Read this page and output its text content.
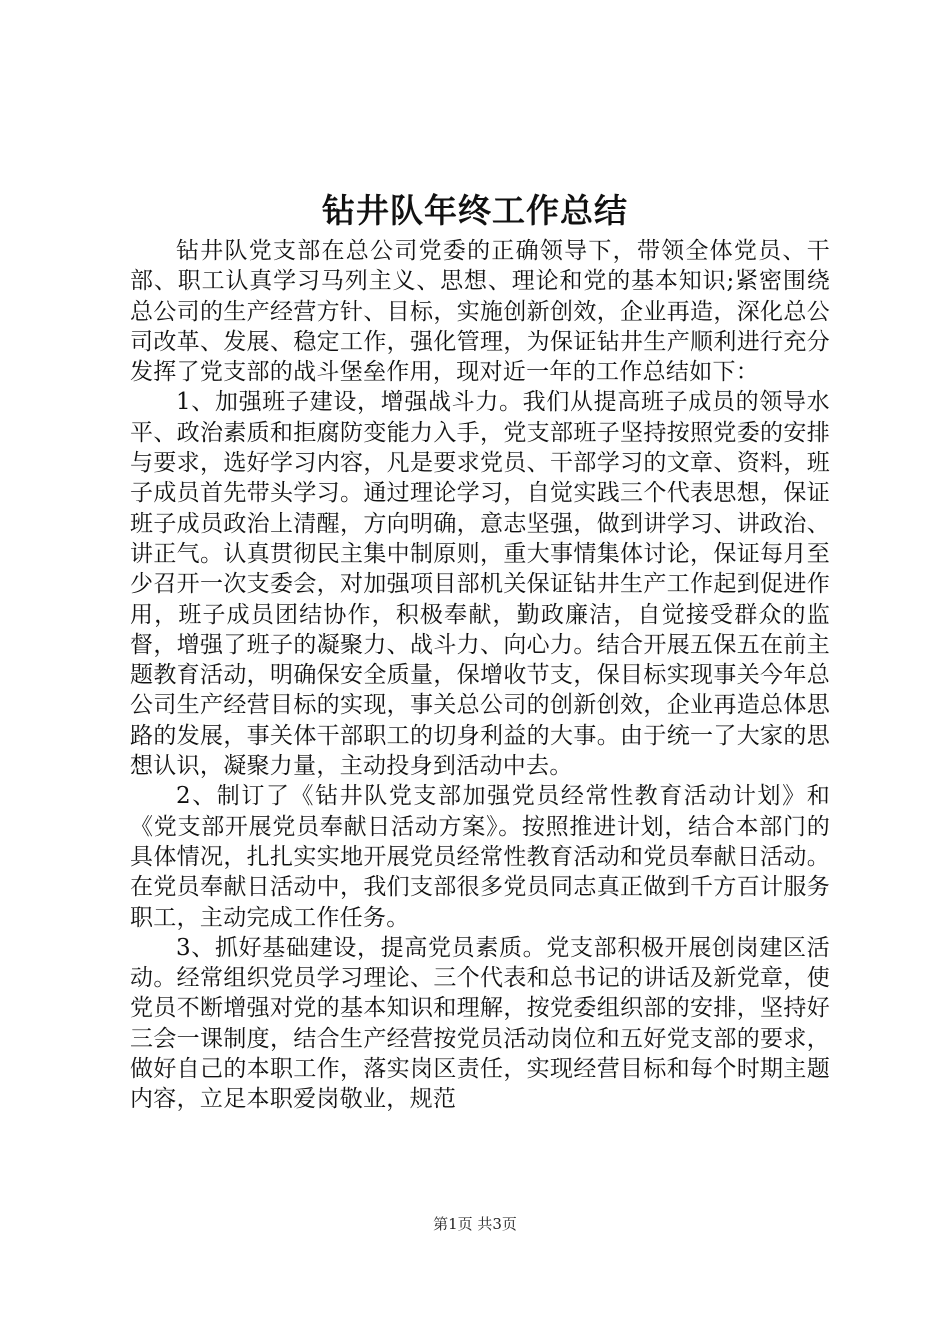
钻井队年终工作总结

钻井队党支部在总公司党委的正确领导下，带领全体党员、干部、职工认真学习马列主义、思想、理论和党的基本知识;紧密围绕总公司的生产经营方针、目标，实施创新创效，企业再造，深化总公司改革、发展、稳定工作，强化管理，为保证钻井生产顺利进行充分发挥了党支部的战斗堡垒作用，现对近一年的工作总结如下：

1、加强班子建设，增强战斗力。我们从提高班子成员的领导水平、政治素质和拒腐防变能力入手，党支部班子坚持按照党委的安排与要求，选好学习内容，凡是要求党员、干部学习的文章、资料，班子成员首先带头学习。通过理论学习，自觉实践三个代表思想，保证班子成员政治上清醒，方向明确，意志坚强，做到讲学习、讲政治、讲正气。认真贯彻民主集中制原则，重大事情集体讨论，保证每月至少召开一次支委会，对加强项目部机关保证钻井生产工作起到促进作用，班子成员团结协作，积极奉献，勤政廉洁，自觉接受群众的监督，增强了班子的凝聚力、战斗力、向心力。结合开展五保五在前主题教育活动，明确保安全质量，保增收节支，保目标实现事关今年总公司生产经营目标的实现，事关总公司的创新创效，企业再造总体思路的发展，事关体干部职工的切身利益的大事。由于统一了大家的思想认识，凝聚力量，主动投身到活动中去。

2、制订了《钻井队党支部加强党员经常性教育活动计划》和《党支部开展党员奉献日活动方案》。按照推进计划，结合本部门的具体情况，扎扎实实地开展党员经常性教育活动和党员奉献日活动。在党员奉献日活动中，我们支部很多党员同志真正做到千方百计服务职工，主动完成工作任务。

3、抓好基础建设，提高党员素质。党支部积极开展创岗建区活动。经常组织党员学习理论、三个代表和总书记的讲话及新党章，使党员不断增强对党的基本知识和理解，按党委组织部的安排，坚持好三会一课制度，结合生产经营按党员活动岗位和五好党支部的要求，做好自己的本职工作，落实岗区责任，实现经营目标和每个时期主题内容，立足本职爱岗敬业，规范

第1页 共3页
